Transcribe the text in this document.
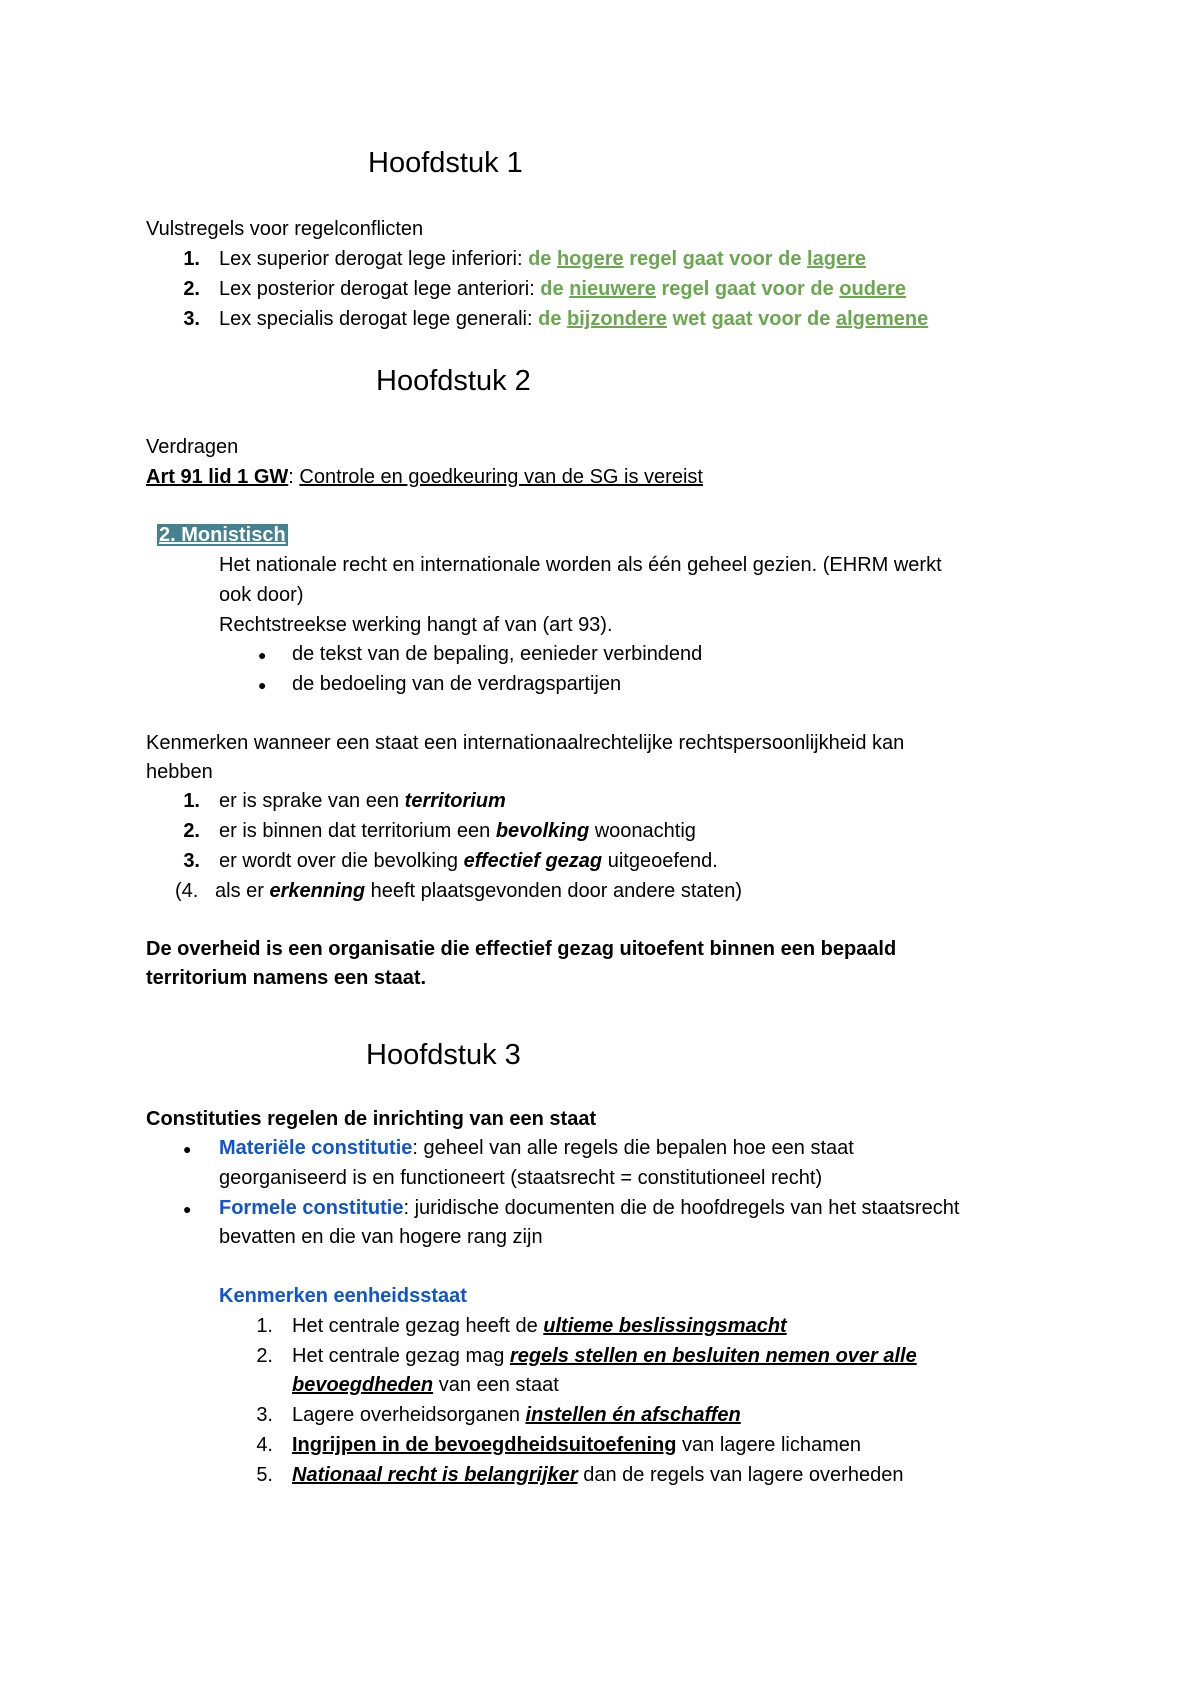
Hoofdstuk 1
Vulstregels voor regelconflicten
1. Lex superior derogat lege inferiori: de hogere regel gaat voor de lagere
2. Lex posterior derogat lege anteriori: de nieuwere regel gaat voor de oudere
3. Lex specialis derogat lege generali: de bijzondere wet gaat voor de algemene
Hoofdstuk 2
Verdragen
Art 91 lid 1 GW: Controle en goedkeuring van de SG is vereist
2. Monistisch
Het nationale recht en internationale worden als één geheel gezien. (EHRM werkt
ook door)
Rechtstreekse werking hangt af van (art 93).
● de tekst van de bepaling, eenieder verbindend
● de bedoeling van de verdragspartijen
Kenmerken wanneer een staat een internationaalrechtelijke rechtspersoonlijkheid kan
hebben
1. er is sprake van een territorium
2. er is binnen dat territorium een bevolking woonachtig
3. er wordt over die bevolking effectief gezag uitgeoefend.
(4. als er erkenning heeft plaatsgevonden door andere staten)
De overheid is een organisatie die effectief gezag uitoefent binnen een bepaald
territorium namens een staat.
Hoofdstuk 3
Constituties regelen de inrichting van een staat
● Materiële constitutie: geheel van alle regels die bepalen hoe een staat
georganiseerd is en functioneert (staatsrecht = constitutioneel recht)
● Formele constitutie: juridische documenten die de hoofdregels van het staatsrecht
bevatten en die van hogere rang zijn
Kenmerken eenheidsstaat
1. Het centrale gezag heeft de ultieme beslissingsmacht
2. Het centrale gezag mag regels stellen en besluiten nemen over alle
bevoegdheden van een staat
3. Lagere overheidsorganen instellen én afschaffen
4. Ingrijpen in de bevoegdheidsuitoefening van lagere lichamen
5. Nationaal recht is belangrijker dan de regels van lagere overheden
